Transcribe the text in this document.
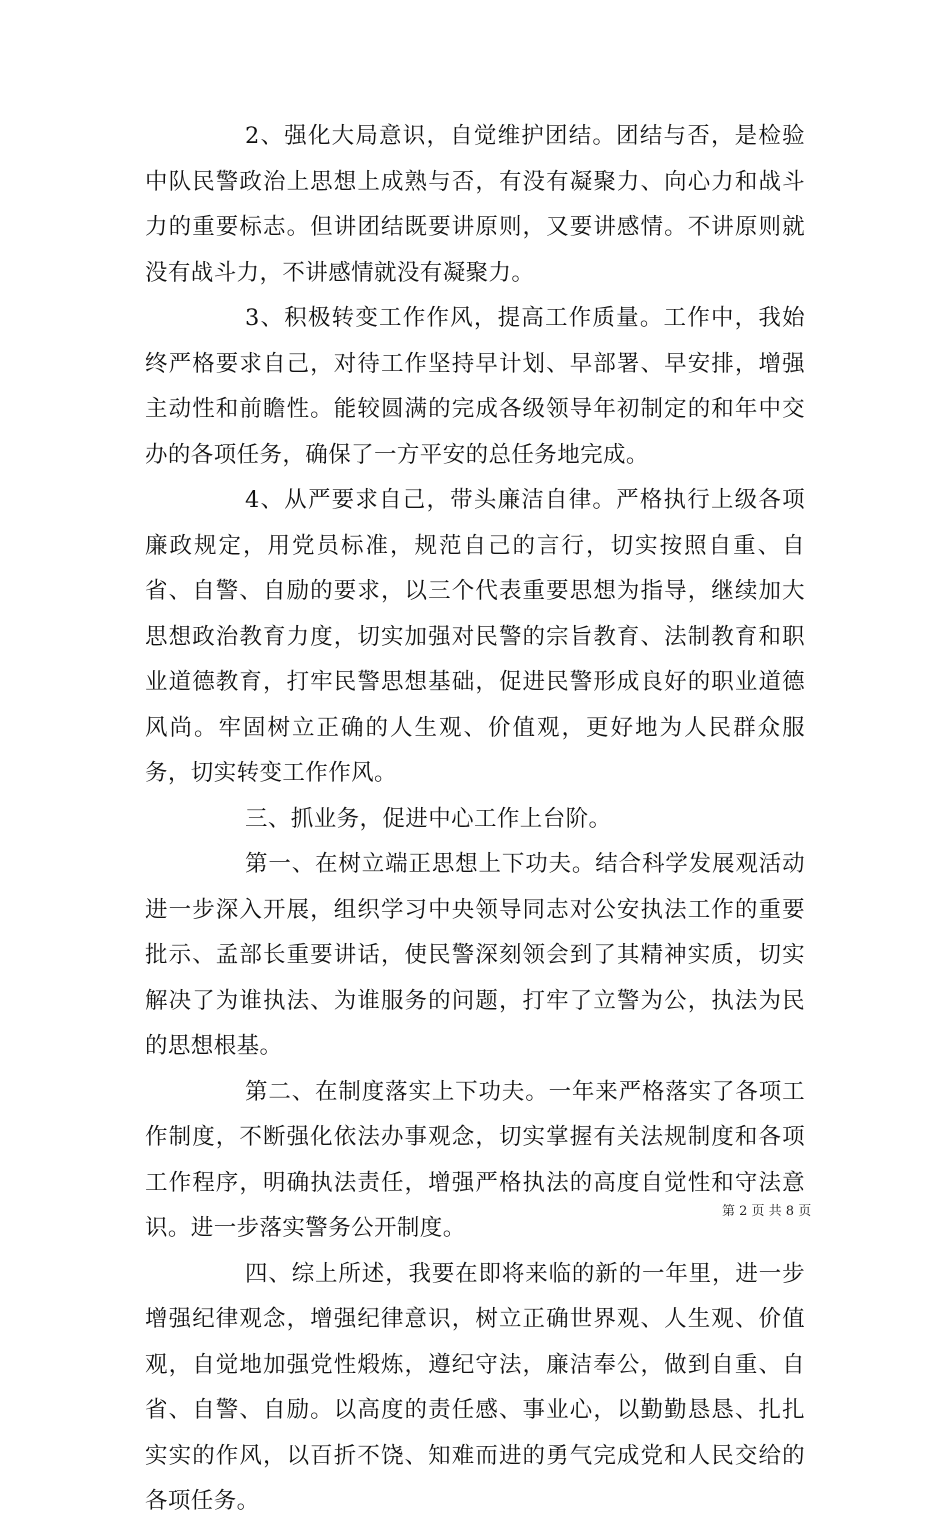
2、强化大局意识，自觉维护团结。团结与否，是检验中队民警政治上思想上成熟与否，有没有凝聚力、向心力和战斗力的重要标志。但讲团结既要讲原则，又要讲感情。不讲原则就没有战斗力，不讲感情就没有凝聚力。

3、积极转变工作作风，提高工作质量。工作中，我始终严格要求自己，对待工作坚持早计划、早部署、早安排，增强主动性和前瞻性。能较圆满的完成各级领导年初制定的和年中交办的各项任务，确保了一方平安的总任务地完成。

4、从严要求自己，带头廉洁自律。严格执行上级各项廉政规定，用党员标准，规范自己的言行，切实按照自重、自省、自警、自励的要求，以三个代表重要思想为指导，继续加大思想政治教育力度，切实加强对民警的宗旨教育、法制教育和职业道德教育，打牢民警思想基础，促进民警形成良好的职业道德风尚。牢固树立正确的人生观、价值观，更好地为人民群众服务，切实转变工作作风。

三、抓业务，促进中心工作上台阶。

第一、在树立端正思想上下功夫。结合科学发展观活动进一步深入开展，组织学习中央领导同志对公安执法工作的重要批示、孟部长重要讲话，使民警深刻领会到了其精神实质，切实解决了为谁执法、为谁服务的问题，打牢了立警为公，执法为民的思想根基。

第二、在制度落实上下功夫。一年来严格落实了各项工作制度，不断强化依法办事观念，切实掌握有关法规制度和各项工作程序，明确执法责任，增强严格执法的高度自觉性和守法意识。进一步落实警务公开制度。

四、综上所述，我要在即将来临的新的一年里，进一步增强纪律观念，增强纪律意识，树立正确世界观、人生观、价值观，自觉地加强党性煅炼，遵纪守法，廉洁奉公，做到自重、自省、自警、自励。以高度的责任感、事业心，以勤勤恳恳、扎扎实实的作风，以百折不饶、知难而进的勇气完成党和人民交给的各项任务。

第 2 页 共 8 页
